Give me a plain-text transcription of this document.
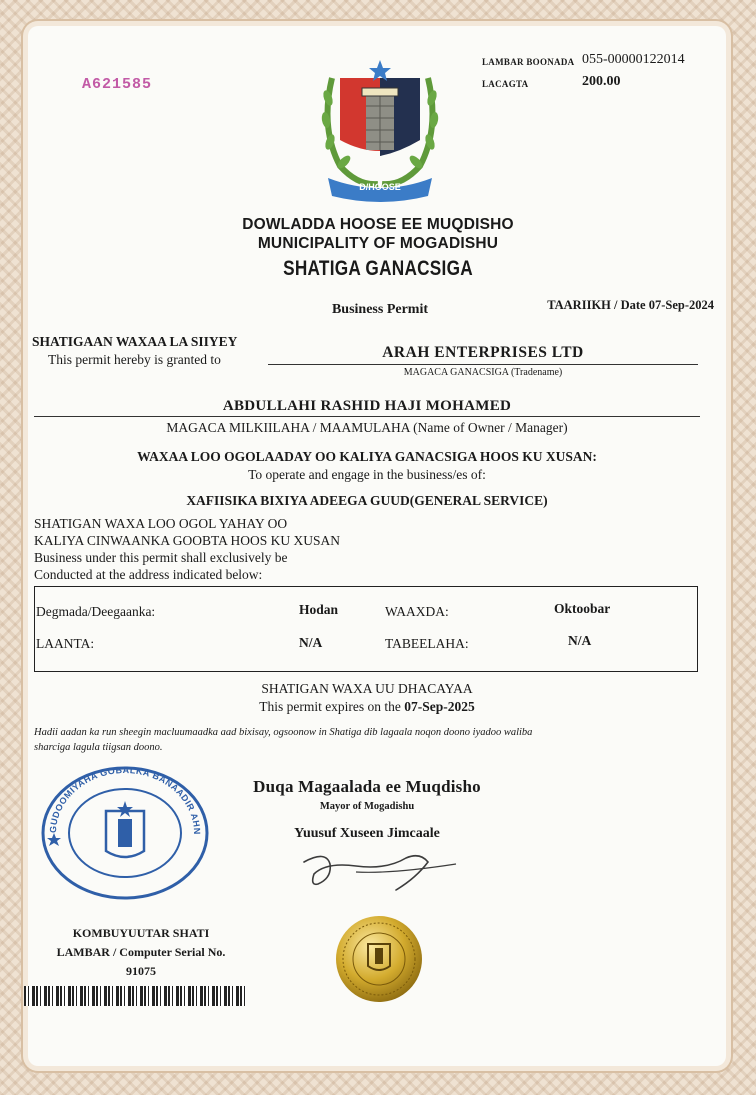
A621585
LAMBAR BOONADA 055-00000122014
LACAGTA	200.00
D/HOOSE
DOWLADDA HOOSE EE MUQDISHO
MUNICIPALITY OF MOGADISHU
SHATIGA GANACSIGA
Business Permit	TAARIIKH / Date 07-Sep-2024
SHATIGAAN WAXAA LA SIIYEY
This permit hereby is granted to	ARAH ENTERPRISES LTD
MAGACA GANACSIGA (Tradename)
ABDULLAHI RASHID HAJI MOHAMED
MAGACA MILKIILAHA / MAAMULAHA (Name of Owner / Manager)
WAXAA LOO OGOLAADAY OO KALIYA GANACSIGA HOOS KU XUSAN:
To operate and engage in the business/es of:
XAFIISIKA BIXIYA ADEEGA GUUD(GENERAL SERVICE)
SHATIGAN WAXA LOO OGOL YAHAY OO
KALIYA CINWAANKA GOOBTA HOOS KU XUSAN
Business under this permit shall exclusively be
Conducted at the address indicated below:
Degmada/Deegaanka:	Hodan	WAAXDA:	Oktoobar
LAANTA:	N/A	TABEELAHA:	N/A
SHATIGAN WAXA UU DHACAYAA
This permit expires on the 07-Sep-2025
Hadii aadan ka run sheegin macluumaadka aad bixisay, ogsoonow in Shatiga dib lagaala noqon doono iyadoo waliba
sharciga lagula tiigsan doono.
GUDOOMIYAHA GOBALKA BANAADIR AHN
Duqa Magaalada ee Muqdisho
Mayor of Mogadishu
Yuusuf Xuseen Jimcaale
KOMBUYUUTAR SHATI
LAMBAR / Computer Serial No.
91075
